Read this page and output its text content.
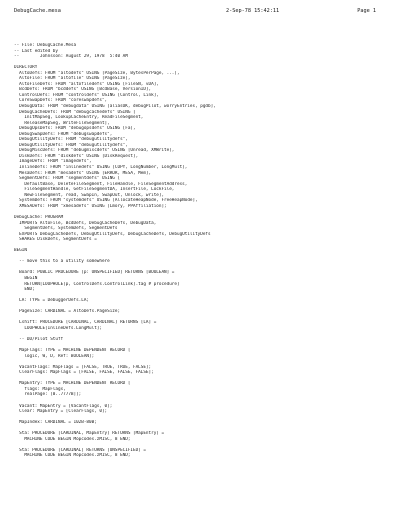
DebugCache.mesa	2-Sep-78 15:42:11	Page 1
-- File: DebugCache.Mesa
-- Last edited by
--        Johnsson: August 29, 1978  5:40 AM
DIRECTORY
AltoDefs: FROM "altodefs" USING [PageSize, BytesPerPage, ...],
AltoFile: FROM "altofile" USING [PageSize],
AltoFileDefs: FROM "altofiledefs" USING [FileSN, vDA],
BcdDefs: FROM "bcddefs" USING [BcdBase, VersionID],
ControlDefs: FROM "controldefs" USING [Control, Link],
CoreSwapDefs: FROM "coreswapdefs",
DebugData: FROM "debugdata" USING [aliasOK, debugPilot, worryEntries, pgdb],
DebugCacheDefs: FROM "debugcachedefs" USING [
InitMapSeg, LookupCacheEntry, ReadFileSegment,
ReleaseMapSeg, WriteFileSegment],
DebugOpsDefs: FROM "debugopsdefs" USING [Fa],
DebugSwapDefs: FROM "debugswapdefs",
DebugUtilityDefs: FROM "debugutilitydefs",
DebugUtilityDefs: FROM "debugutilitydefs",
DebugMiscDefs: FROM "debugmiscdefs" USING [Unread, XMWrite],
DiskDefs: FROM "diskdefs" USING [DiskRequest],
ImageDefs: FROM "imagedefs",
InlineDefs: FROM "inlinedefs" USING [COPY, LongNumber, LongMult],
MesaDefs: FROM "mesadefs" USING [ERROR, MESA, Mem],
SegmentDefs: FROM "segmentdefs" USING [
DefaultBase, DeleteFileSegment, FileHandle, FileSegmentAddress,
FileSegmentHandle, GetFileSegmentDA, InsertFile, LockFile,
NewFileSegment, read, SwapIn, SwapOut, Unlock, write],
SystemDefs: FROM "systemdefs" USING [AllocateHeapNode, FreeHeapNode],
XMESADefs: FROM "xmesadefs" USING [Lmory, PPAffiliation];
DebugCache: PROGRAM
IMPORTS AltoFile, BcdDefs, DebugCacheDefs, DebugData,
SegmentDefs, SystemDefs, SegmentDefs
EXPORTS DebugCacheDefs, DebugUtilityDefs, DebugCacheDefs, DebugUtilityDefs
SHARES DiskDefs, SegmentDefs =
BEGIN
-- move this to a utility somewhere
Board: PUBLIC PROCEDURE [p: UNSPECIFIED] RETURNS [BOOLEAN] =
BEGIN
RETURN[LOOPHOLE[p, ControlDefs.ControlLink].tag # procedure]
END;
LA: TYPE = DebuggerDefs.LA;
PageSize: CARDINAL = AltoDefs.PageSize;
Lshift: PROCEDURE [CARDINAL, CARDINAL] RETURNS [LA] =
LOOPHOLE[InlineDefs.LongMult];
-- DD/Pilot Stuff
MapFlags: TYPE = MACHINE DEPENDENT RECORD [
logic, W, D, Ref: BOOLEAN];
VacantFlags: MapFlags = [FALSE, TRUE, TRUE, FALSE];
ClearFlags: MapFlags = [FALSE, FALSE, FALSE, FALSE];
MapEntry: TYPE = MACHINE DEPENDENT RECORD [
flags: MapFlags,
realPage: [0..7777B]];
Vacant: MapEntry = [VacantFlags, 0];
Clear: MapEntry = [ClearFlags, 0];
MapIndex: CARDINAL = 102B-80B;
Sta: PROCEDURE [CARDINAL, MapEntry] RETURNS [MapEntry] =
MACHINE CODE BEGIN Mopcodes.zMISC, 8 END;
Sta: PROCEDURE [CARDINAL] RETURNS [UNSPECIFIED] =
MACHINE CODE BEGIN Mopcodes.zMISC, 8 END;
